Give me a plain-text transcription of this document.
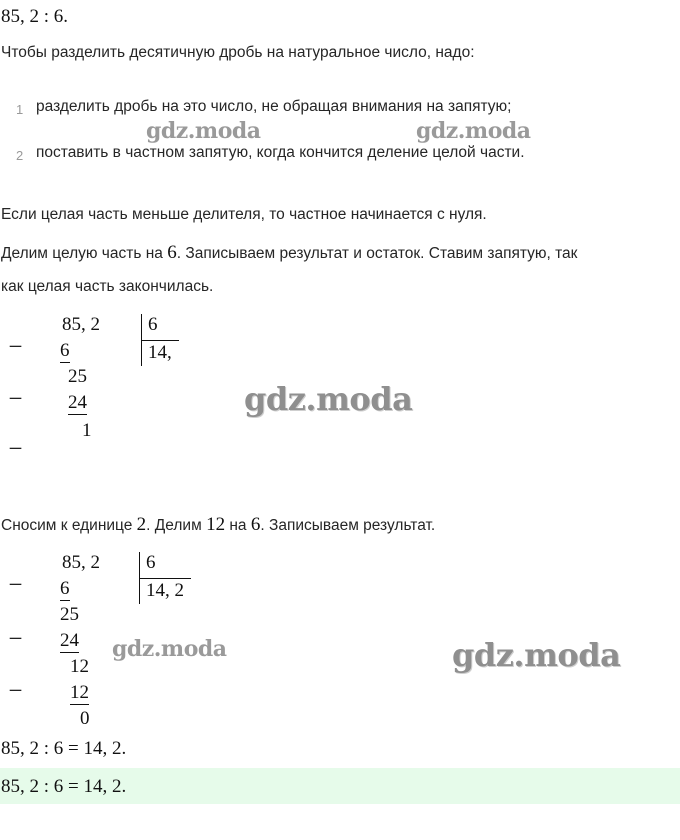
85, 2 : 6.
Чтобы разделить десятичную дробь на натуральное число, надо:
1 разделить дробь на это число, не обращая внимания на запятую;
2 поставить в частном запятую, когда кончится деление целой части.
gdz.moda	gdz.moda
Если целая часть меньше делителя, то частное начинается с нуля.
Делим целую часть на 6. Записываем результат и остаток. Ставим запятую, так
как целая часть закончилась.
_
_
_
85, 2
6
25
24
1
6
14,
gdz.moda
Сносим к единице 2. Делим 12 на 6. Записываем результат.
_
_
_
85, 2
6
25
24
12
12
0
6
14, 2
gdz.moda	gdz.moda
85, 2 : 6 = 14, 2.
85, 2 : 6 = 14, 2.
